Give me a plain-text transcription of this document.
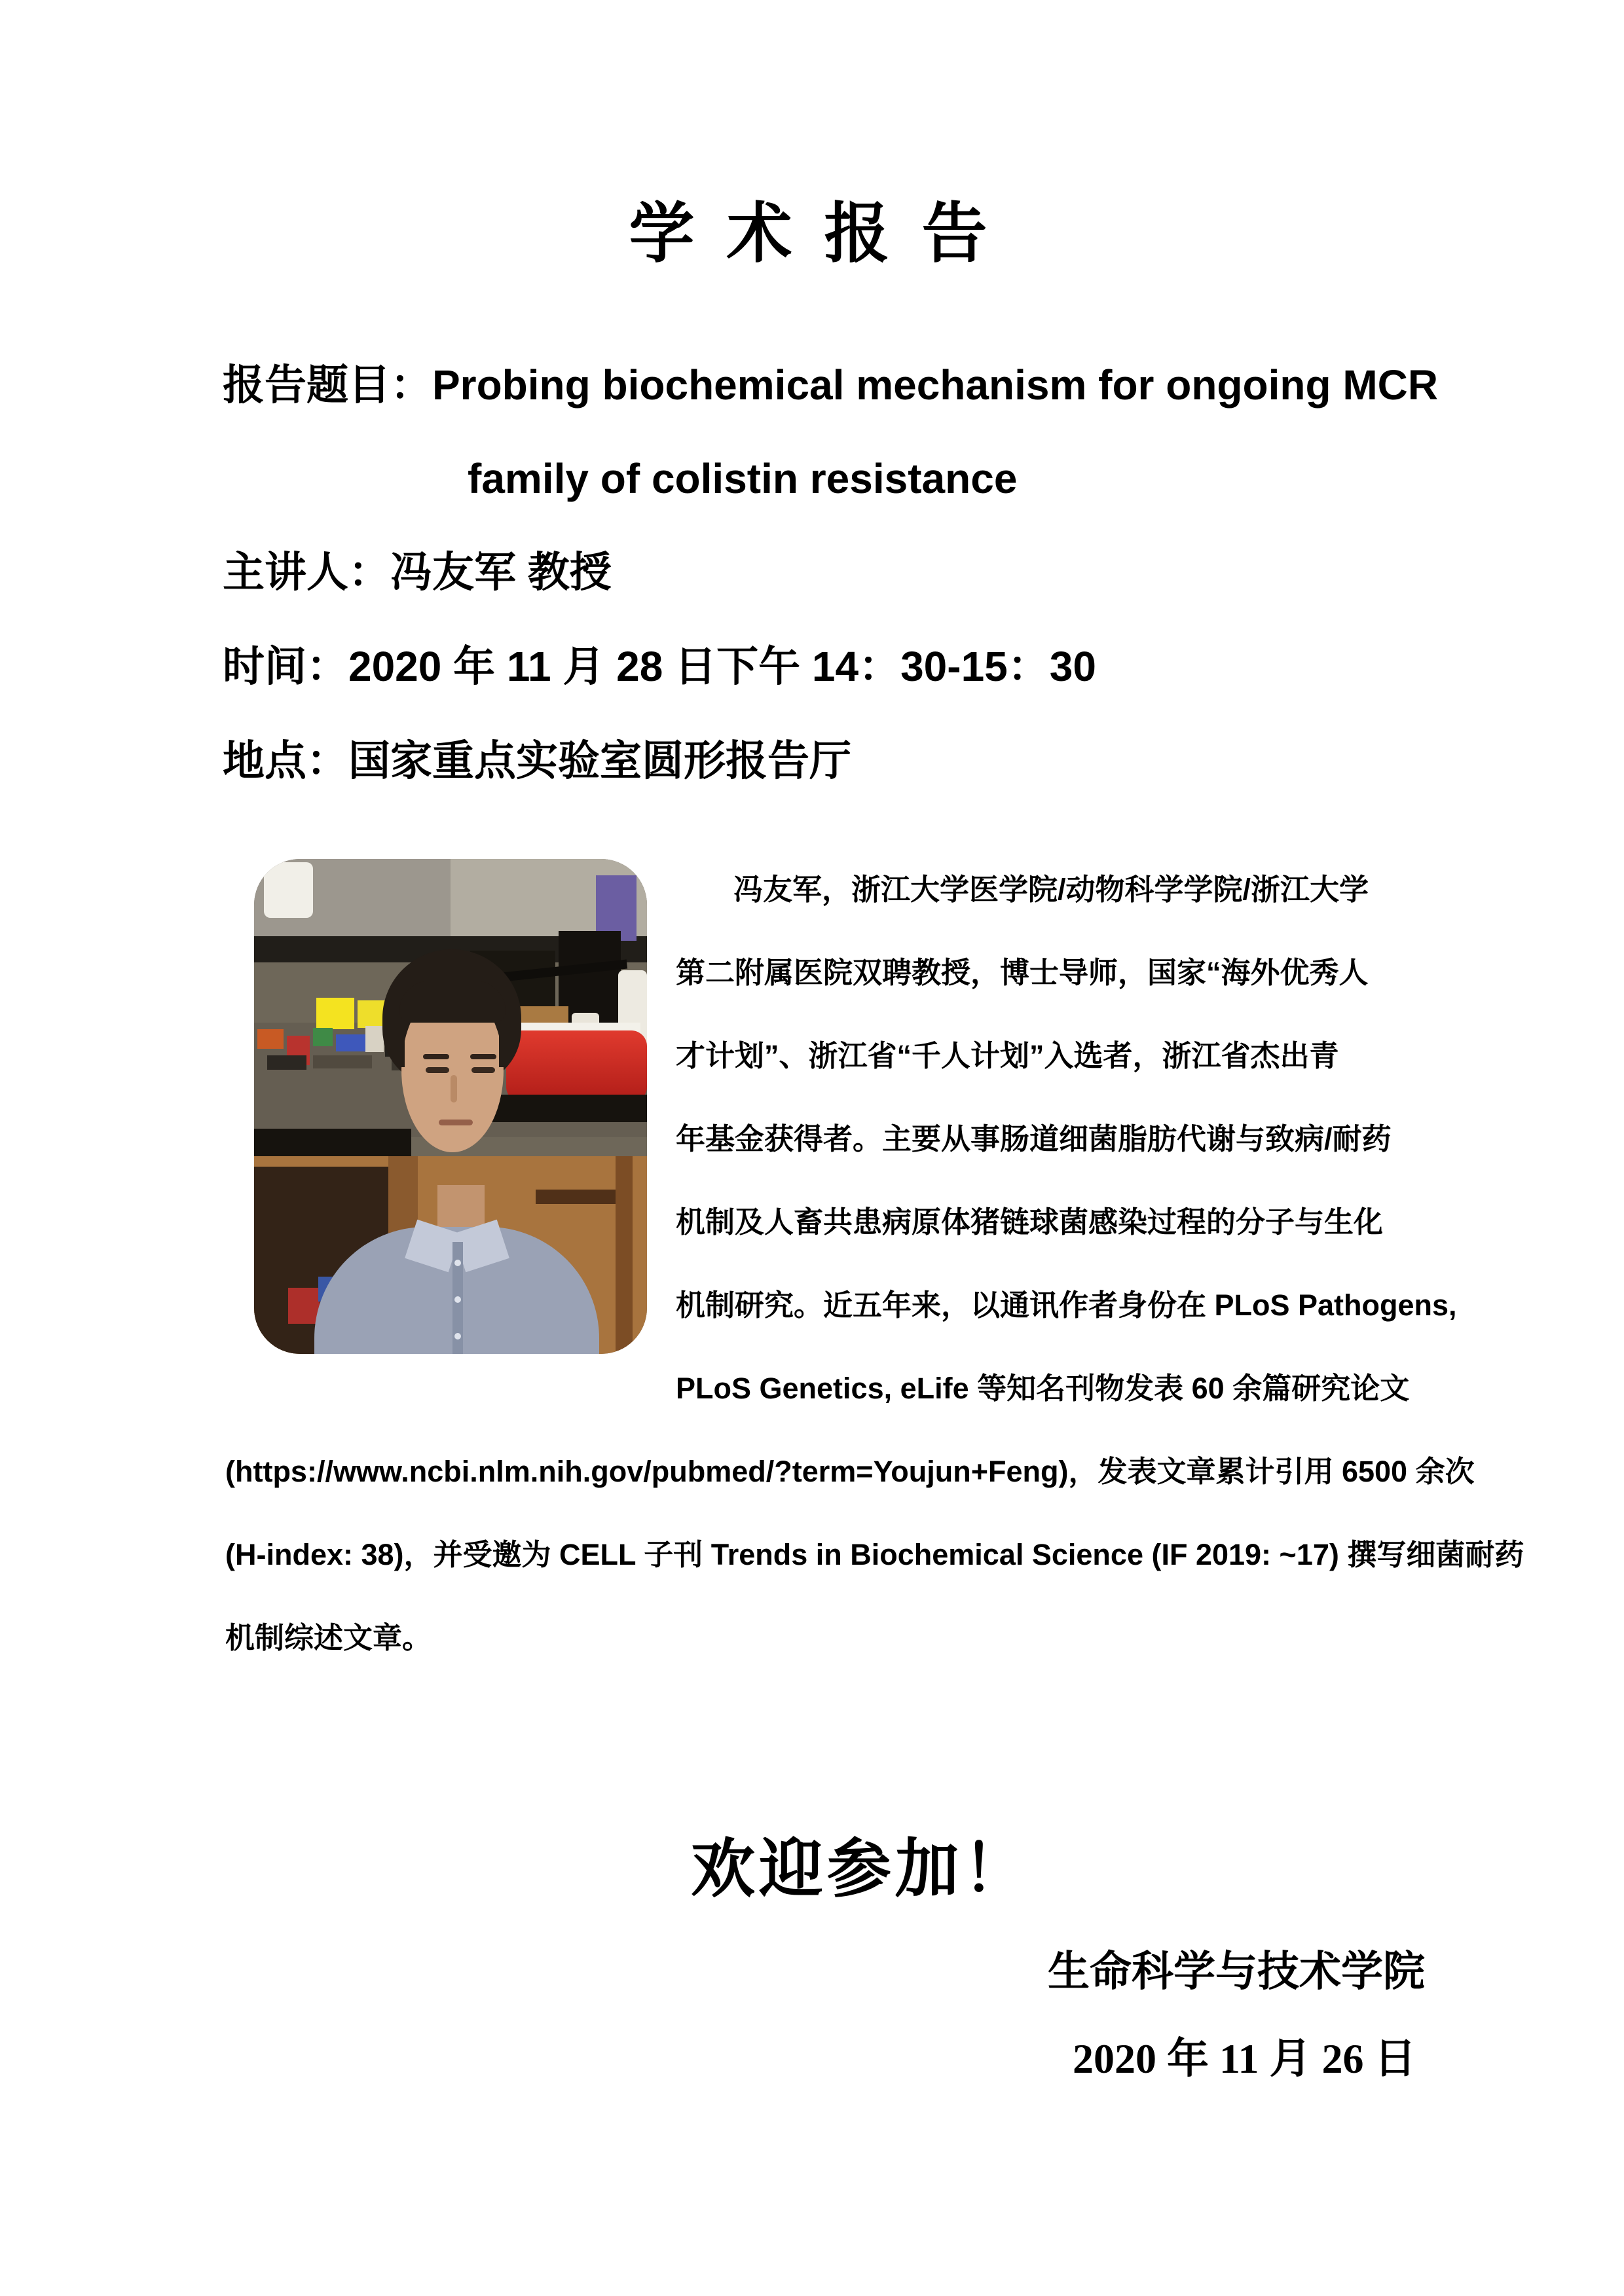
学 术 报 告
报告题目：Probing biochemical mechanism for ongoing MCR
family of colistin resistance
主讲人：冯友军 教授
时间：2020 年 11 月 28 日下午 14：30-15：30
地点：国家重点实验室圆形报告厅
冯友军，浙江大学医学院/动物科学学院/浙江大学
第二附属医院双聘教授，博士导师，国家“海外优秀人
才计划”、浙江省“千人计划”入选者，浙江省杰出青
年基金获得者。主要从事肠道细菌脂肪代谢与致病/耐药
机制及人畜共患病原体猪链球菌感染过程的分子与生化
机制研究。近五年来，以通讯作者身份在 PLoS Pathogens,
PLoS Genetics, eLife 等知名刊物发表 60 余篇研究论文
(https://www.ncbi.nlm.nih.gov/pubmed/?term=Youjun+Feng)，发表文章累计引用 6500 余次
(H-index: 38)，并受邀为 CELL 子刊 Trends in Biochemical Science (IF 2019: ~17) 撰写细菌耐药
机制综述文章。
欢迎参加！
生命科学与技术学院
2020 年 11 月 26 日
